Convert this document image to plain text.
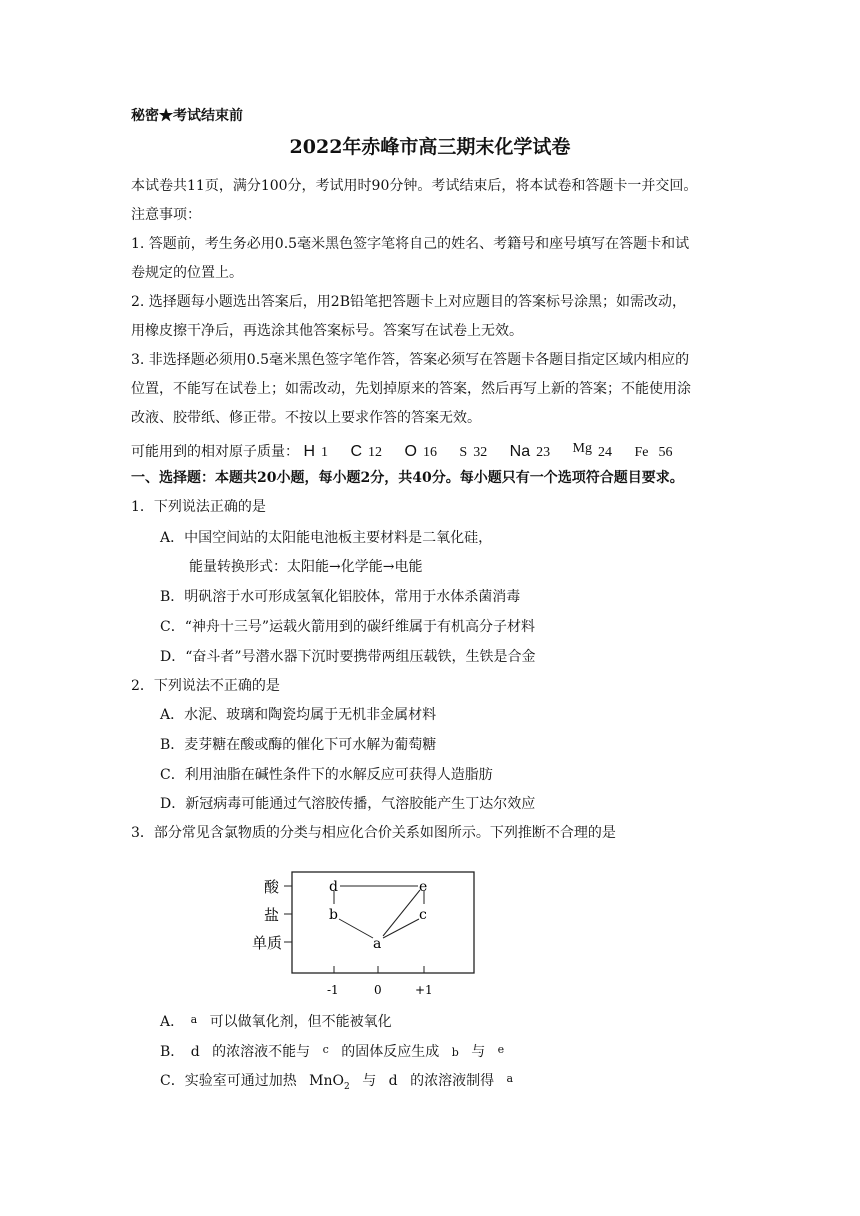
秘密★考试结束前
2022年赤峰市高三期末化学试卷
本试卷共11页，满分100分，考试用时90分钟。考试结束后，将本试卷和答题卡一并交回。
注意事项：
1. 答题前，考生务必用0.5毫米黑色签字笔将自己的姓名、考籍号和座号填写在答题卡和试
卷规定的位置上。
2. 选择题每小题选出答案后，用2B铅笔把答题卡上对应题目的答案标号涂黑；如需改动，
用橡皮擦干净后，再选涂其他答案标号。答案写在试卷上无效。
3. 非选择题必须用0.5毫米黑色签字笔作答，答案必须写在答题卡各题目指定区域内相应的
位置，不能写在试卷上；如需改动，先划掉原来的答案，然后再写上新的答案；不能使用涂
改液、胶带纸、修正带。不按以上要求作答的答案无效。
可能用到的相对原子质量： H 1 C 12 O 16 S 32 Na 23 Mg 24 Fe 56
一、选择题：本题共20小题，每小题2分，共40分。每小题只有一个选项符合题目要求。
1．下列说法正确的是
A．中国空间站的太阳能电池板主要材料是二氧化硅，
能量转换形式：太阳能→化学能→电能
B．明矾溶于水可形成氢氧化铝胶体，常用于水体杀菌消毒
C．“神舟十三号”运载火箭用到的碳纤维属于有机高分子材料
D．“奋斗者”号潜水器下沉时要携带两组压载铁，生铁是合金
2．下列说法不正确的是
A．水泥、玻璃和陶瓷均属于无机非金属材料
B．麦芽糖在酸或酶的催化下可水解为葡萄糖
C．利用油脂在碱性条件下的水解反应可获得人造脂肪
D．新冠病毒可能通过气溶胶传播，气溶胶能产生丁达尔效应
3．部分常见含氯物质的分类与相应化合价关系如图所示。下列推断不合理的是
酸
盐
单质
-1	0	+1
d
b
a
c
e
A． $^a$ 可以做氧化剂，但不能被氧化
B． d 的浓溶液不能与 $^c$ 的固体反应生成 b 与 $^e$
C．实验室可通过加热 MnO$_2$ 与 d 的浓溶液制得 $^a$
